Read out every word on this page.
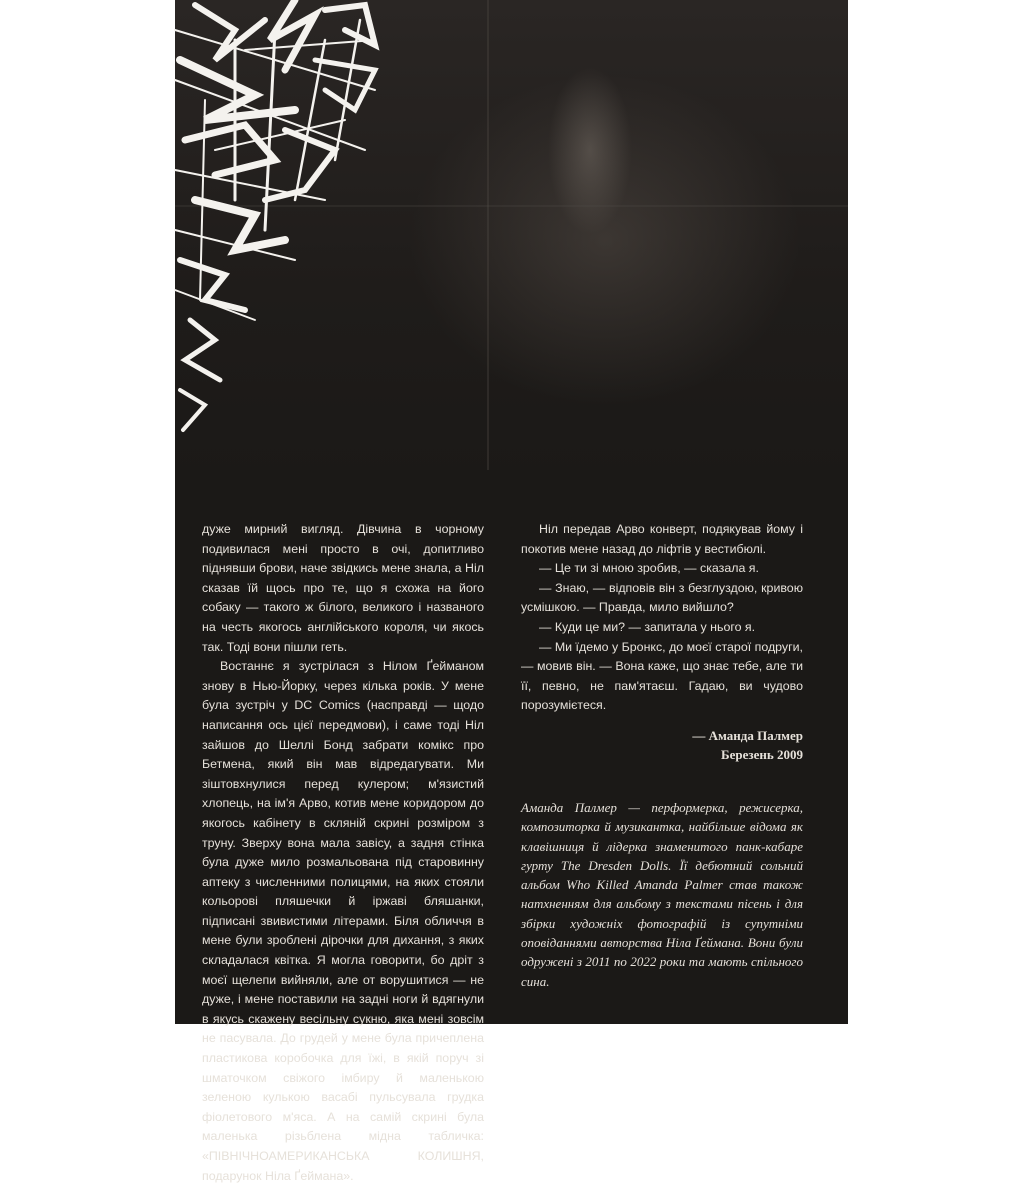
дуже мирний вигляд. Дівчина в чорному подивилася мені просто в очі, допитливо піднявши брови, наче звідкись мене знала, а Ніл сказав їй щось про те, що я схожа на його собаку — такого ж білого, великого і названого на честь якогось англійського короля, чи якось так. Тоді вони пішли геть.

Востаннє я зустрілася з Нілом Ґейманом знову в Нью-Йорку, через кілька років. У мене була зустріч у DC Comics (насправді — щодо написання ось цієї передмови), і саме тоді Ніл зайшов до Шеллі Бонд забрати комікс про Бетмена, який він мав відредагувати. Ми зіштовхнулися перед кулером; м'язистий хлопець, на ім'я Арво, котив мене коридором до якогось кабінету в скляній скрині розміром з труну. Зверху вона мала завісу, а задня стінка була дуже мило розмальована під старовинну аптеку з численними полицями, на яких стояли кольорові пляшечки й іржаві бляшанки, підписані звивистими літерами. Біля обличчя в мене були зроблені дірочки для дихання, з яких складалася квітка. Я могла говорити, бо дріт з моєї щелепи вийняли, але от ворушитися — не дуже, і мене поставили на задні ноги й вдягнули в якусь скажену весільну сукню, яка мені зовсім не пасувала. До грудей у мене була причеплена пластикова коробочка для їжі, в якій поруч зі шматочком свіжого імбиру й маленькою зеленою кулькою васабі пульсувала грудка фіолетового м'яса. А на самій скрині була маленька різьблена мідна табличка: «ПІВНІЧНОАМЕРИКАНСЬКА КОЛИШНЯ, подарунок Ніла Ґеймана».

Ніл передав Арво конверт, подякував йому і покотив мене назад до ліфтів у вестибюлі.

— Це ти зі мною зробив, — сказала я.

— Знаю, — відповів він з безглуздою, кривою усмішкою. — Правда, мило вийшло?

— Куди це ми? — запитала у нього я.

— Ми їдемо у Бронкс, до моєї старої подруги, — мовив він. — Вона каже, що знає тебе, але ти її, певно, не пам'ятаєш. Гадаю, ви чудово порозумієтеся.

— Аманда Палмер
Березень 2009
Аманда Палмер — перформерка, режисерка, композиторка й музикантка, найбільше відома як клавішниця й лідерка знаменитого панк-кабаре гурту The Dresden Dolls. Її дебютний сольний альбом Who Killed Amanda Palmer став також натхненням для альбому з текстами пісень і для збірки художніх фотографій із супутніми оповіданнями авторства Ніла Ґеймана. Вони були одружені з 2011 по 2022 роки та мають спільного сина.
